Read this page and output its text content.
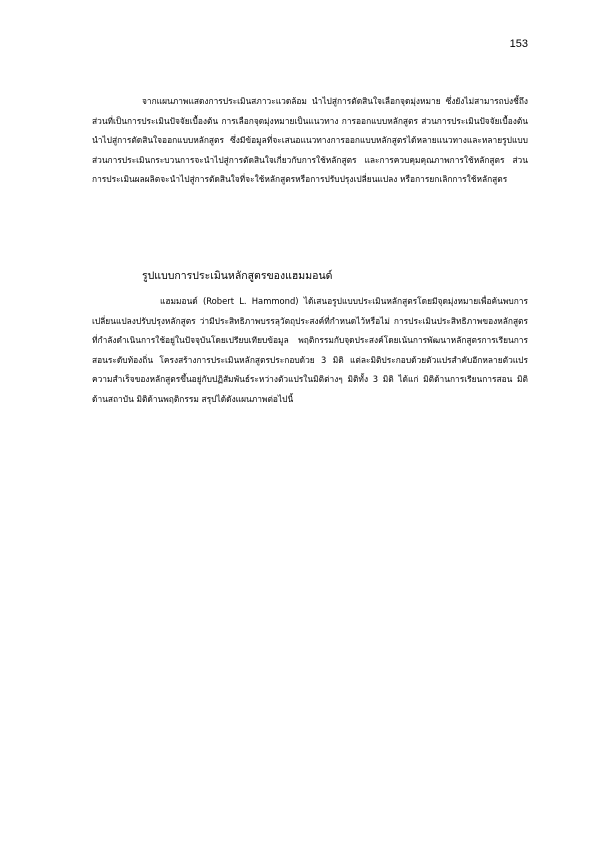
153

จากแผนภาพแสดงการประเมินสภาวะแวดล้อม นำไปสู่การตัดสินใจเลือกจุดมุ่งหมาย ซึ่งยังไม่สามารถบ่งชี้ถึงส่วนที่เป็นการประเมินปัจจัยเบื้องต้น การเลือกจุดมุ่งหมายเป็นแนวทาง การออกแบบหลักสูตร ส่วนการประเมินปัจจัยเบื้องต้นนำไปสู่การตัดสินใจออกแบบหลักสูตร ซึ่งมีข้อมูลที่จะเสนอแนวทางการออกแบบหลักสูตรได้หลายแนวทางและหลายรูปแบบ ส่วนการประเมินกระบวนการจะนำไปสู่การตัดสินใจเกี่ยวกับการใช้หลักสูตร และการควบคุมคุณภาพการใช้หลักสูตร ส่วนการประเมินผลผลิตจะนำไปสู่การตัดสินใจที่จะใช้หลักสูตรหรือการปรับปรุงเปลี่ยนแปลง หรือการยกเลิกการใช้หลักสูตร

รูปแบบการประเมินหลักสูตรของแฮมมอนด์

แฮมมอนด์ (Robert L. Hammond) ได้เสนอรูปแบบประเมินหลักสูตรโดยมีจุดมุ่งหมายเพื่อค้นพบการเปลี่ยนแปลงปรับปรุงหลักสูตร ว่ามีประสิทธิภาพบรรลุวัตถุประสงค์ที่กำหนดไว้หรือไม่ การประเมินประสิทธิภาพของหลักสูตรที่กำลังดำเนินการใช้อยู่ในปัจจุบันโดยเปรียบเทียบข้อมูล พฤติกรรมกับจุดประสงค์โดยเน้นการพัฒนาหลักสูตรการเรียนการสอนระดับท้องถิ่น โครงสร้างการประเมินหลักสูตรประกอบด้วย 3 มิติ แต่ละมิติประกอบด้วยตัวแปรสำคับอีกหลายตัวแปร ความสำเร็จของหลักสูตรขึ้นอยู่กับปฏิสัมพันธ์ระหว่างตัวแปรในมิติต่างๆ มิติทั้ง 3 มิติ ได้แก่ มิติด้านการเรียนการสอน มิติด้านสถาบัน มิติด้านพฤติกรรม สรุปได้ดังแผนภาพต่อไปนี้
